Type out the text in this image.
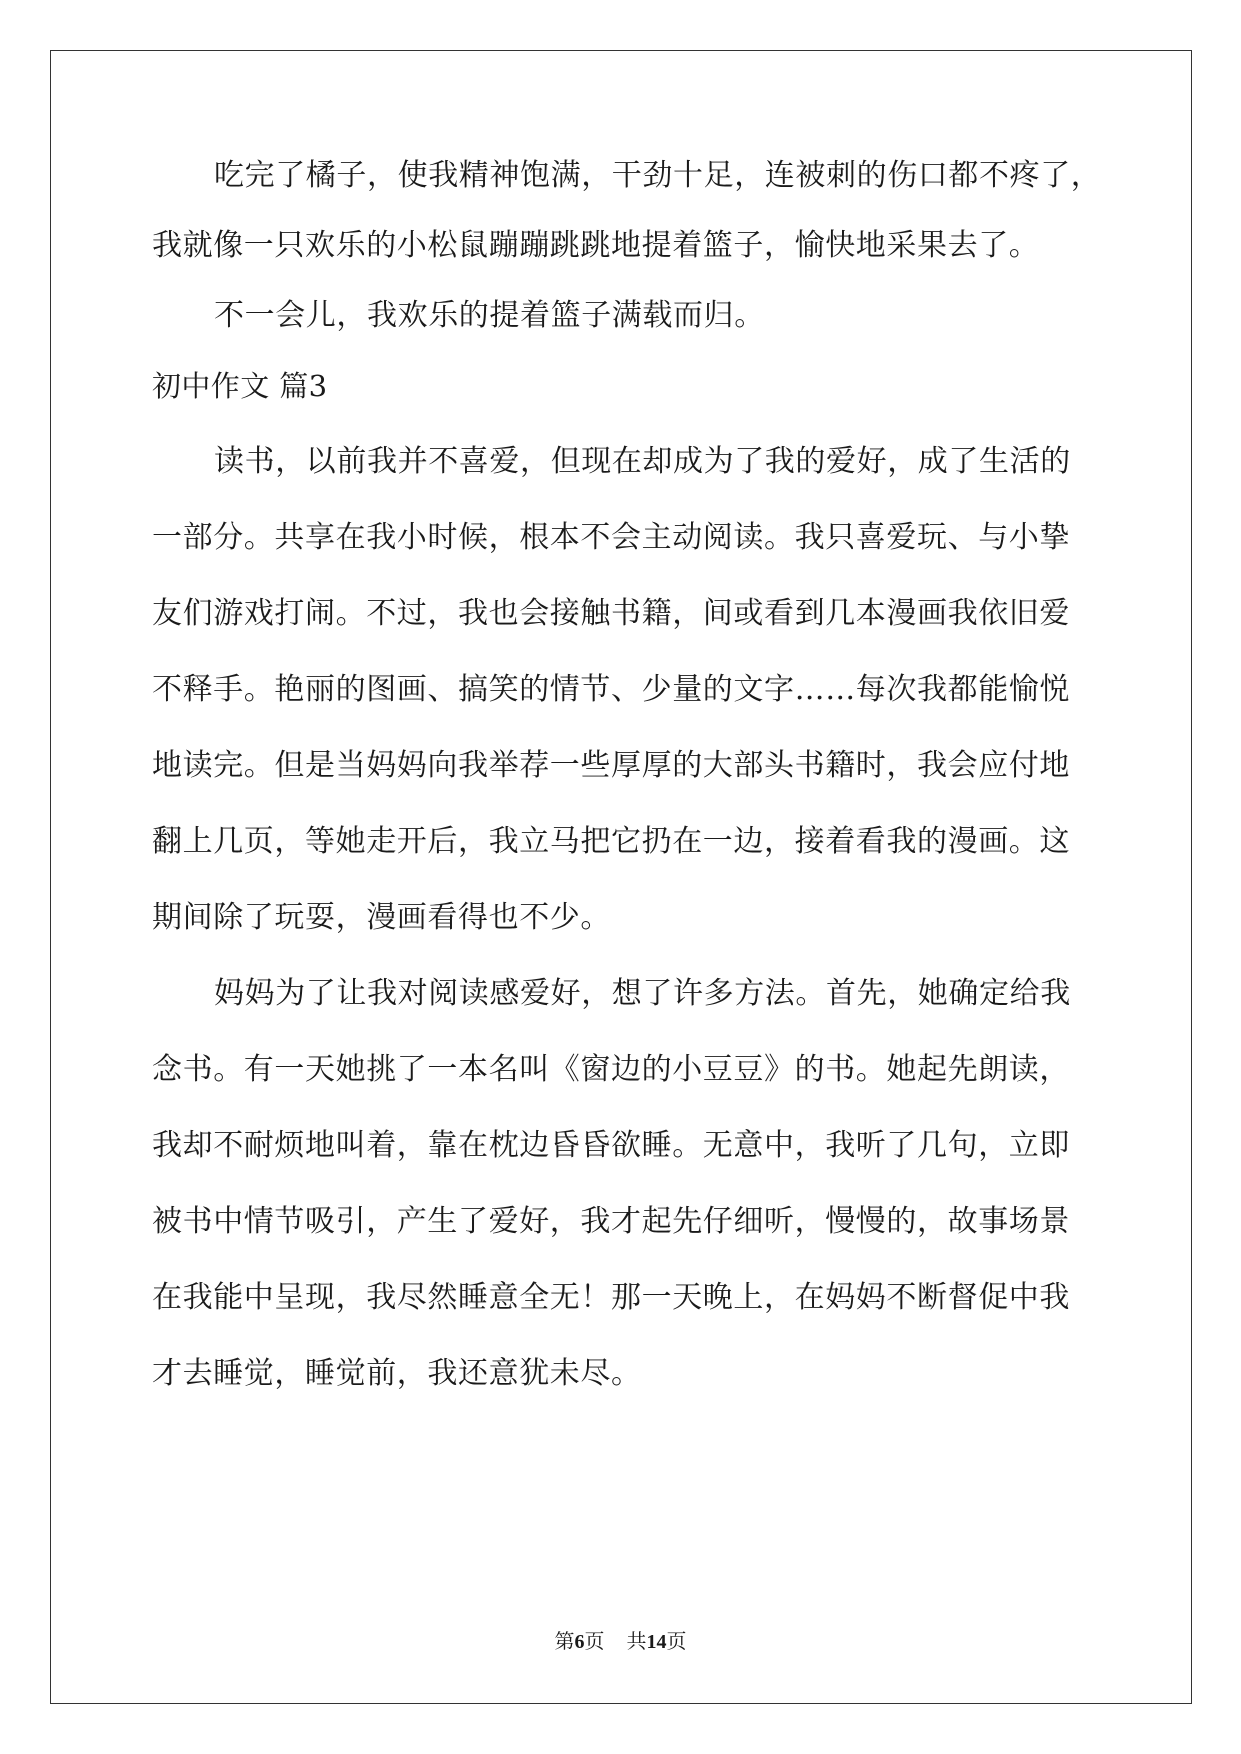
吃完了橘子，使我精神饱满，干劲十足，连被刺的伤口都不疼了，
我就像一只欢乐的小松鼠蹦蹦跳跳地提着篮子，愉快地采果去了。
不一会儿，我欢乐的提着篮子满载而归。
初中作文 篇3
读书，以前我并不喜爱，但现在却成为了我的爱好，成了生活的
一部分。共享在我小时候，根本不会主动阅读。我只喜爱玩、与小挚
友们游戏打闹。不过，我也会接触书籍，间或看到几本漫画我依旧爱
不释手。艳丽的图画、搞笑的情节、少量的文字……每次我都能愉悦
地读完。但是当妈妈向我举荐一些厚厚的大部头书籍时，我会应付地
翻上几页，等她走开后，我立马把它扔在一边，接着看我的漫画。这
期间除了玩耍，漫画看得也不少。
妈妈为了让我对阅读感爱好，想了许多方法。首先，她确定给我
念书。有一天她挑了一本名叫《窗边的小豆豆》的书。她起先朗读，
我却不耐烦地叫着，靠在枕边昏昏欲睡。无意中，我听了几句，立即
被书中情节吸引，产生了爱好，我才起先仔细听，慢慢的，故事场景
在我能中呈现，我尽然睡意全无！那一天晚上，在妈妈不断督促中我
才去睡觉，睡觉前，我还意犹未尽。
第6页 共14页
